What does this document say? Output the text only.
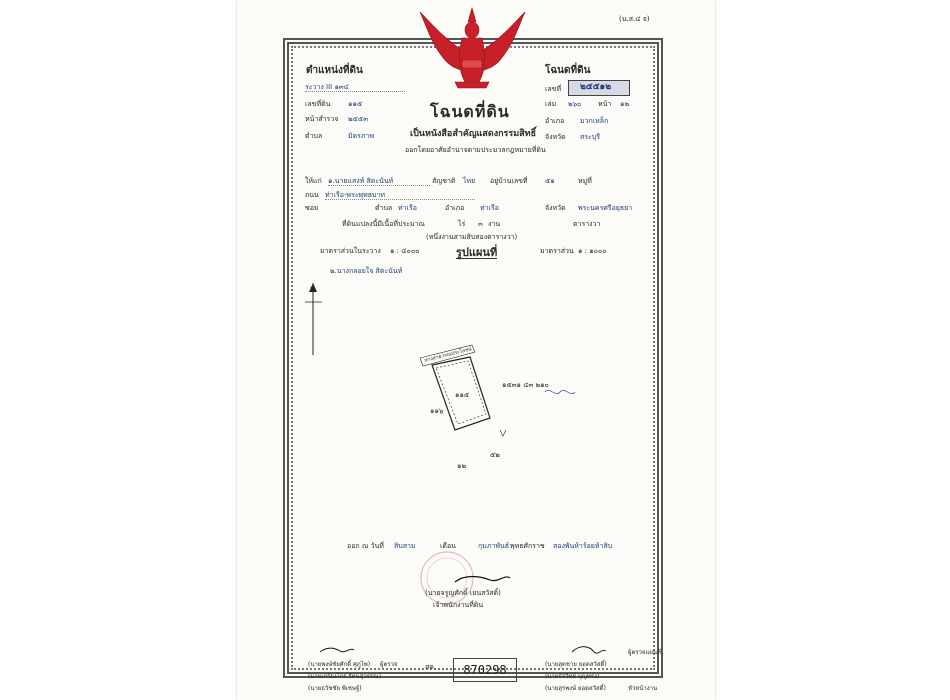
(น.ส.๔ จ)
ตำแหน่งที่ดิน
ระวาง III ๑๓๔
เลขที่ดิน	๑๑๕
หน้าสำรวจ ๒๕๕๓
ตำบล	มิตรภาพ
โฉนดที่ดิน
เลขที่ ๒๕๕๑๒
เล่ม ๒๖๐ หน้า ๑๒
อำเภอ มวกเหล็ก
จังหวัด สระบุรี
โฉนดที่ดิน
เป็นหนังสือสำคัญแสดงกรรมสิทธิ์
ออกโดยอาศัยอำนาจตามประมวลกฎหมายที่ดิน
ให้แก่ ๑.นายแสงท์ สิตะนันท์	สัญชาติ ไทย อยู่บ้านเลขที่ ๕๑	หมู่ที่
ถนน ท่าเรือ-พระพุทธบาท
ซอย	ตำบล ท่าเรือ	อำเภอ ท่าเรือ	จังหวัด พระนครศรีอยุธยา
ที่ดินแปลงนี้มีเนื้อที่ประมาณ	ไร่ ๓ งาน	ตารางวา
(หนึ่งงานสามสิบสองตารางวา)
มาตราส่วนในระวาง ๑ : ๔๐๐๐	รูปแผนที่	มาตราส่วน ๑ : ๑๐๐๐
๒.นางกลอยใจ สิตะนันท์
น
๑๑๕
๑๑๖
ทางสาธารณประโยชน์
๑๕๓๑ ๔๓ ๒๑๐
๕๒
๑๒
ออก ณ วันที่ สิบสาม	เดือน	กุมภาพันธ์ พุทธศักราช สองพันห้าร้อยห้าสิบ
(นายจรูญศักดิ์ เยนสวัสดิ์)
เจ้าพนักงานที่ดิน
(นายพงษ์ชัยศักดิ์ ศุภูไพ)
(นายเกรียงไกร รัตนสุวรรณ)
(นายธวัชชัย พิเชษฐ์)
ผู้ตรวจ	สค	870298	(นายสุดชาย ยอดสวัสดิ์)
(นายธีรวิทย์ บุญทรง)
(นายสุรพงษ์ ยอดสวัสดิ์)
ผู้ตรวจแผนที่
หัวหน้างาน
